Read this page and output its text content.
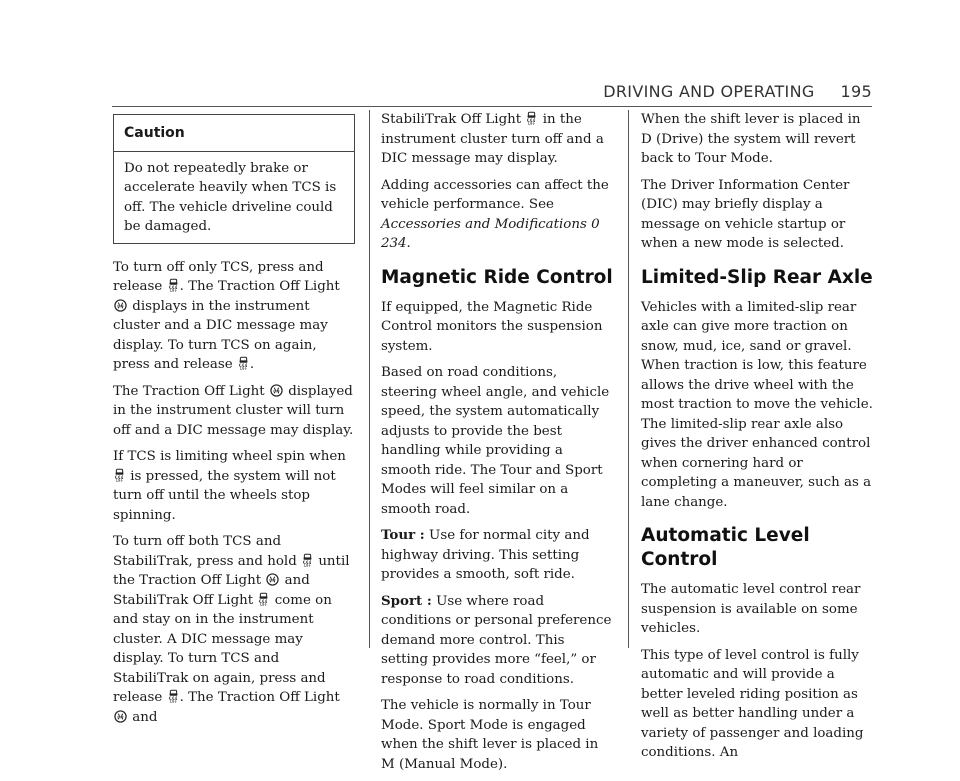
DRIVING AND OPERATING 195
Caution

Do not repeatedly brake or accelerate heavily when TCS is off. The vehicle driveline could be damaged.

To turn off only TCS, press and release . The Traction Off Light
displays in the instrument cluster and a DIC message may display. To turn TCS on again, press and release .

The Traction Off Light displayed in the instrument cluster will turn off and a DIC message may display.

If TCS is limiting wheel spin when
is pressed, the system will not turn off until the wheels stop spinning.

To turn off both TCS and StabiliTrak, press and hold until the Traction Off Light and StabiliTrak Off Light come on and stay on in the instrument cluster. A DIC message may display. To turn TCS and StabiliTrak on again, press and release . The Traction Off Light
and

StabiliTrak Off Light in the instrument cluster turn off and a DIC message may display.

Adding accessories can affect the vehicle performance. See Accessories and Modifications 0 234.

Magnetic Ride Control

If equipped, the Magnetic Ride Control monitors the suspension system.

Based on road conditions, steering wheel angle, and vehicle speed, the system automatically adjusts to provide the best handling while providing a smooth ride. The Tour and Sport Modes will feel similar on a smooth road.

Tour : Use for normal city and highway driving. This setting provides a smooth, soft ride.

Sport : Use where road conditions or personal preference demand more control. This setting provides more “feel,” or response to road conditions.

The vehicle is normally in Tour Mode. Sport Mode is engaged when the shift lever is placed in M (Manual Mode).

When the shift lever is placed in D (Drive) the system will revert back to Tour Mode.

The Driver Information Center (DIC) may briefly display a message on vehicle startup or when a new mode is selected.

Limited-Slip Rear Axle

Vehicles with a limited-slip rear axle can give more traction on snow, mud, ice, sand or gravel. When traction is low, this feature allows the drive wheel with the most traction to move the vehicle. The limited-slip rear axle also gives the driver enhanced control when cornering hard or completing a maneuver, such as a lane change.

Automatic Level Control

The automatic level control rear suspension is available on some vehicles.

This type of level control is fully automatic and will provide a better leveled riding position as well as better handling under a variety of passenger and loading conditions. An
